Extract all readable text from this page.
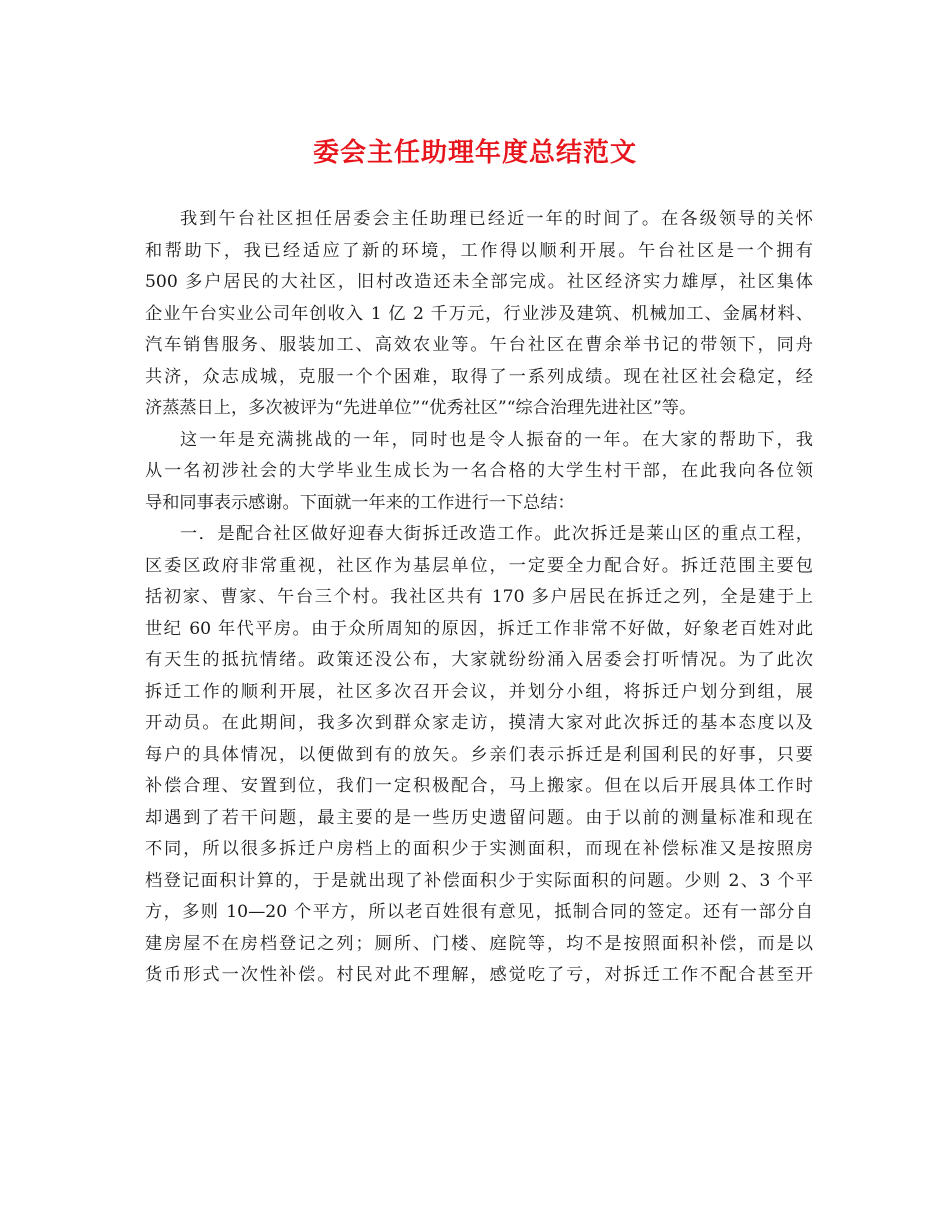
委会主任助理年度总结范文
我到午台社区担任居委会主任助理已经近一年的时间了。在各级领导的关怀
和帮助下，我已经适应了新的环境，工作得以顺利开展。午台社区是一个拥有
500 多户居民的大社区，旧村改造还未全部完成。社区经济实力雄厚，社区集体
企业午台实业公司年创收入 1 亿 2 千万元，行业涉及建筑、机械加工、金属材料、
汽车销售服务、服装加工、高效农业等。午台社区在曹余举书记的带领下，同舟
共济，众志成城，克服一个个困难，取得了一系列成绩。现在社区社会稳定，经
济蒸蒸日上，多次被评为“先进单位”“优秀社区”“综合治理先进社区”等。
这一年是充满挑战的一年，同时也是令人振奋的一年。在大家的帮助下，我
从一名初涉社会的大学毕业生成长为一名合格的大学生村干部，在此我向各位领
导和同事表示感谢。下面就一年来的工作进行一下总结：
一．是配合社区做好迎春大街拆迁改造工作。此次拆迁是莱山区的重点工程，
区委区政府非常重视，社区作为基层单位，一定要全力配合好。拆迁范围主要包
括初家、曹家、午台三个村。我社区共有 170 多户居民在拆迁之列，全是建于上
世纪 60 年代平房。由于众所周知的原因，拆迁工作非常不好做，好象老百姓对此
有天生的抵抗情绪。政策还没公布，大家就纷纷涌入居委会打听情况。为了此次
拆迁工作的顺利开展，社区多次召开会议，并划分小组，将拆迁户划分到组，展
开动员。在此期间，我多次到群众家走访，摸清大家对此次拆迁的基本态度以及
每户的具体情况，以便做到有的放矢。乡亲们表示拆迁是利国利民的好事，只要
补偿合理、安置到位，我们一定积极配合，马上搬家。但在以后开展具体工作时
却遇到了若干问题，最主要的是一些历史遗留问题。由于以前的测量标准和现在
不同，所以很多拆迁户房档上的面积少于实测面积，而现在补偿标准又是按照房
档登记面积计算的，于是就出现了补偿面积少于实际面积的问题。少则 2、3 个平
方，多则 10—20 个平方，所以老百姓很有意见，抵制合同的签定。还有一部分自
建房屋不在房档登记之列；厕所、门楼、庭院等，均不是按照面积补偿，而是以
货币形式一次性补偿。村民对此不理解，感觉吃了亏，对拆迁工作不配合甚至开
